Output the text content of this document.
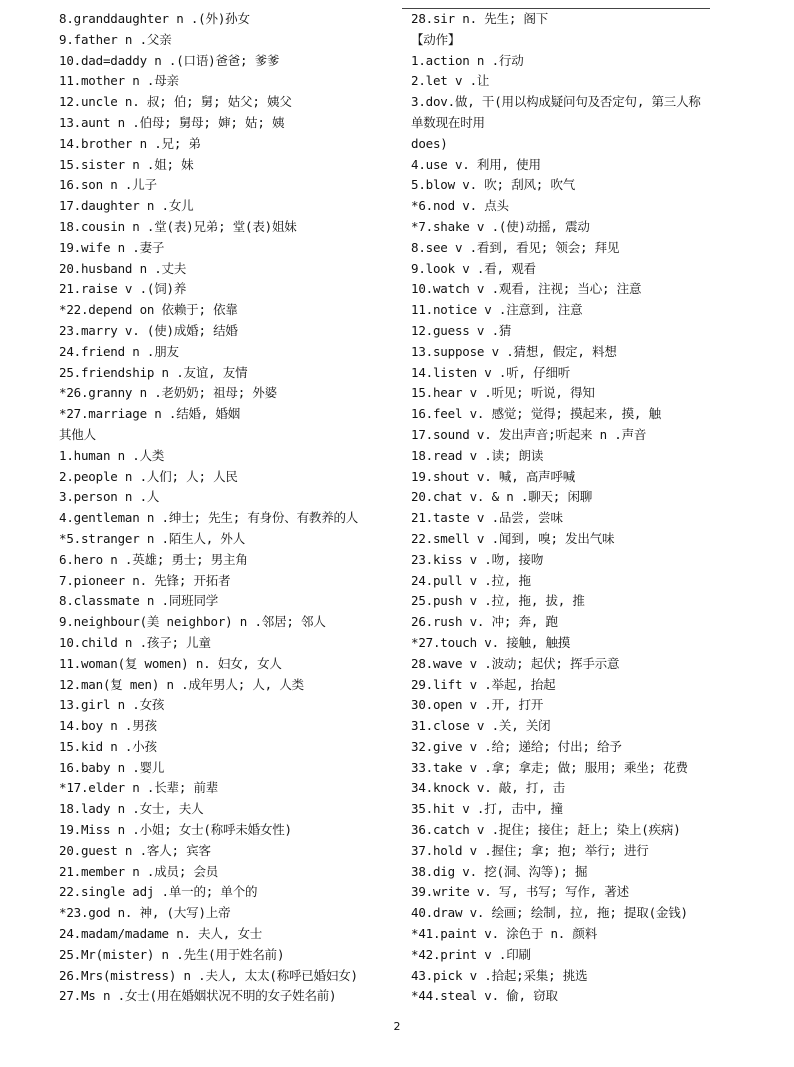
8.granddaughter n .(外)孙女
9.father n .父亲
10.dad=daddy n .(口语)爸爸; 爹爹
11.mother n .母亲
12.uncle n. 叔; 伯; 舅; 姑父; 姨父
13.aunt n .伯母; 舅母; 婶; 姑; 姨
14.brother n .兄; 弟
15.sister n .姐; 妹
16.son n .儿子
17.daughter n .女儿
18.cousin n .堂(表)兄弟; 堂(表)姐妹
19.wife n .妻子
20.husband n .丈夫
21.raise v .(饲)养
*22.depend on 依赖于; 依靠
23.marry v. (使)成婚; 结婚
24.friend n .朋友
25.friendship n .友谊, 友情
*26.granny n .老奶奶; 祖母; 外婆
*27.marriage n .结婚, 婚姻
其他人
1.human n .人类
2.people n .人们; 人; 人民
3.person n .人
4.gentleman n .绅士; 先生; 有身份、有教养的人
*5.stranger n .陌生人, 外人
6.hero n .英雄; 勇士; 男主角
7.pioneer n. 先锋; 开拓者
8.classmate n .同班同学
9.neighbour(美 neighbor) n .邻居; 邻人
10.child n .孩子; 儿童
11.woman(复 women) n. 妇女, 女人
12.man(复 men) n .成年男人; 人, 人类
13.girl n .女孩
14.boy n .男孩
15.kid n .小孩
16.baby n .婴儿
*17.elder n .长辈; 前辈
18.lady n .女士, 夫人
19.Miss n .小姐; 女士(称呼未婚女性)
20.guest n .客人; 宾客
21.member n .成员; 会员
22.single adj .单一的; 单个的
*23.god n. 神, (大写)上帝
24.madam/madame n. 夫人, 女士
25.Mr(mister) n .先生(用于姓名前)
26.Mrs(mistress) n .夫人, 太太(称呼已婚妇女)
27.Ms n .女士(用在婚姻状况不明的女子姓名前)
28.sir n. 先生; 阁下
【动作】
1.action n .行动
2.let v .让
3.dov.做, 干(用以构成疑问句及否定句, 第三人称
单数现在时用
does)
4.use v. 利用, 使用
5.blow v. 吹; 刮风; 吹气
*6.nod v. 点头
*7.shake v .(使)动摇, 震动
8.see v .看到, 看见; 领会; 拜见
9.look v .看, 观看
10.watch v .观看, 注视; 当心; 注意
11.notice v .注意到, 注意
12.guess v .猜
13.suppose v .猜想, 假定, 料想
14.listen v .听, 仔细听
15.hear v .听见; 听说, 得知
16.feel v. 感觉; 觉得; 摸起来, 摸, 触
17.sound v. 发出声音;听起来 n .声音
18.read v .读; 朗读
19.shout v. 喊, 高声呼喊
20.chat v. & n .聊天; 闲聊
21.taste v .品尝, 尝味
22.smell v .闻到, 嗅; 发出气味
23.kiss v .吻, 接吻
24.pull v .拉, 拖
25.push v .拉, 拖, 拔, 推
26.rush v. 冲; 奔, 跑
*27.touch v. 接触, 触摸
28.wave v .波动; 起伏; 挥手示意
29.lift v .举起, 抬起
30.open v .开, 打开
31.close v .关, 关闭
32.give v .给; 递给; 付出; 给予
33.take v .拿; 拿走; 做; 服用; 乘坐; 花费
34.knock v. 敲, 打, 击
35.hit v .打, 击中, 撞
36.catch v .捉住; 接住; 赶上; 染上(疾病)
37.hold v .握住; 拿; 抱; 举行; 进行
38.dig v. 挖(洞、沟等); 掘
39.write v. 写, 书写; 写作, 著述
40.draw v. 绘画; 绘制, 拉, 拖; 提取(金钱)
*41.paint v. 涂色于 n. 颜料
*42.print v .印刷
43.pick v .拾起;采集; 挑选
*44.steal v. 偷, 窃取
2
